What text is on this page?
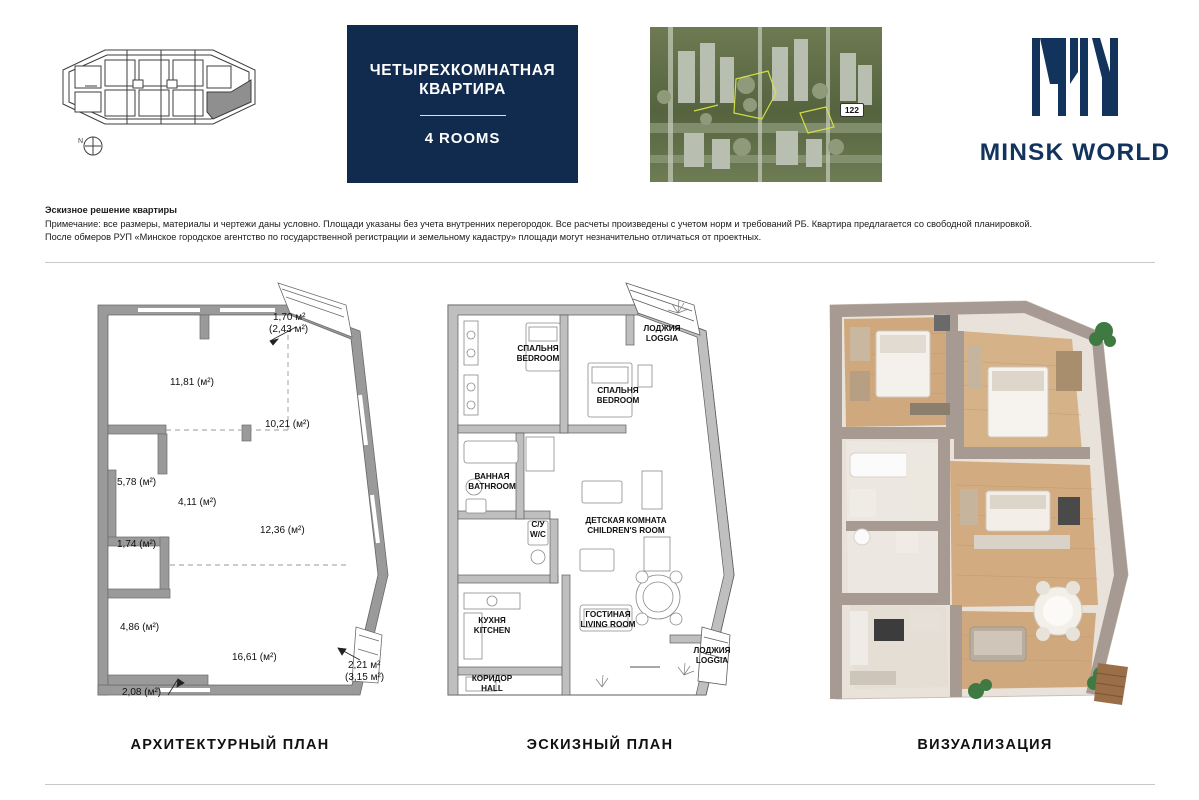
N
ЧЕТЫРЕХКОМНАТНАЯ
КВАРТИРА
4 ROOMS
122
MINSK WORLD
Эскизное решение квартиры
Примечание: все размеры, материалы и чертежи даны условно. Площади указаны без учета внутренних перегородок. Все расчеты произведены с учетом норм и требований РБ. Квартира предлагается со свободной планировкой.
После обмеров РУП «Минское городское агентство по государственной регистрации и земельному кадастру» площади могут незначительно отличаться от проектных.
11,81 (м²)
10,21 (м²)
1,70 м²
(2,43 м²)
5,78 (м²)
4,11 (м²)
1,74 (м²)
12,36 (м²)
4,86 (м²)
16,61 (м²)
2,08 (м²)
2,21 м²
(3,15 м²)
АРХИТЕКТУРНЫЙ ПЛАН
СПАЛЬНЯ
BEDROOM
ЛОДЖИЯ
LOGGIA
СПАЛЬНЯ
BEDROOM
ВАННАЯ
BATHROOM
С/У
W/C
ДЕТСКАЯ КОМНАТА
CHILDREN'S ROOM
КУХНЯ
KITCHEN
ГОСТИНАЯ
LIVING ROOM
ЛОДЖИЯ
LOGGIA
КОРИДОР
HALL
ЭСКИЗНЫЙ ПЛАН	ВИЗУАЛИЗАЦИЯ
